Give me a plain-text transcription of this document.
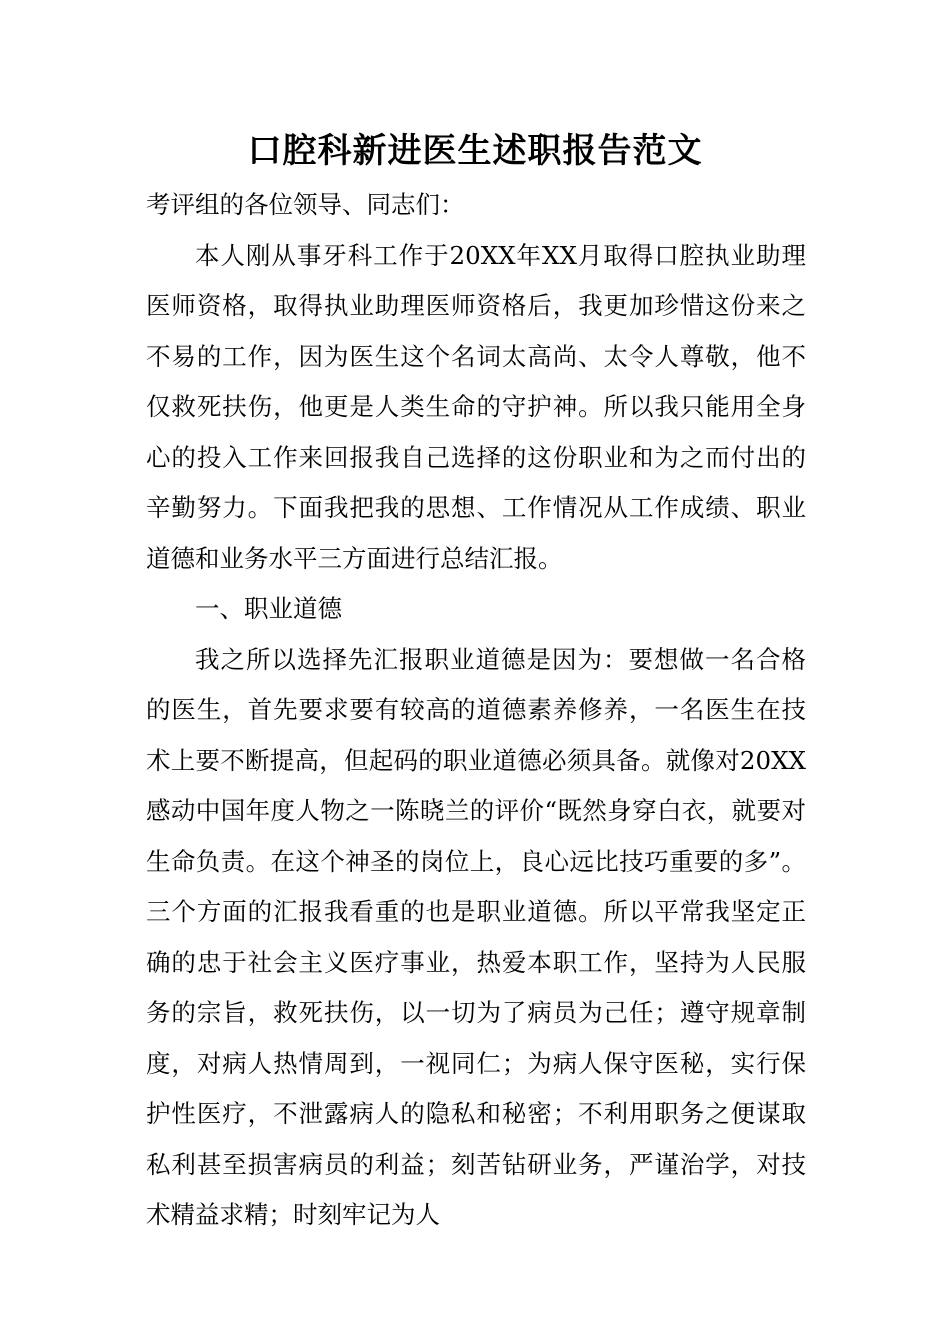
口腔科新进医生述职报告范文

考评组的各位领导、同志们：

本人刚从事牙科工作于20XX年XX月取得口腔执业助理医师资格，取得执业助理医师资格后，我更加珍惜这份来之不易的工作，因为医生这个名词太高尚、太令人尊敬，他不仅救死扶伤，他更是人类生命的守护神。所以我只能用全身心的投入工作来回报我自己选择的这份职业和为之而付出的辛勤努力。下面我把我的思想、工作情况从工作成绩、职业道德和业务水平三方面进行总结汇报。

一、职业道德

我之所以选择先汇报职业道德是因为：要想做一名合格的医生，首先要求要有较高的道德素养修养，一名医生在技术上要不断提高，但起码的职业道德必须具备。就像对20XX感动中国年度人物之一陈晓兰的评价“既然身穿白衣，就要对生命负责。在这个神圣的岗位上，良心远比技巧重要的多”。三个方面的汇报我看重的也是职业道德。所以平常我坚定正确的忠于社会主义医疗事业，热爱本职工作，坚持为人民服务的宗旨，救死扶伤，以一切为了病员为己任；遵守规章制度，对病人热情周到，一视同仁；为病人保守医秘，实行保护性医疗，不泄露病人的隐私和秘密；不利用职务之便谋取私利甚至损害病员的利益；刻苦钻研业务，严谨治学，对技术精益求精；时刻牢记为人
